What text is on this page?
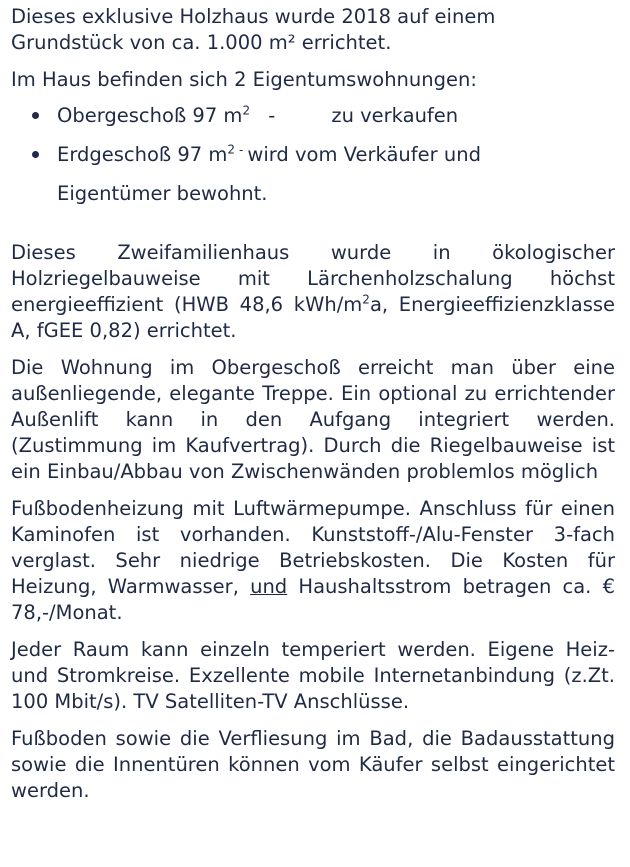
Dieses exklusive Holzhaus wurde 2018 auf einem
Grundstück von ca. 1.000 m² errichtet.

Im Haus befinden sich 2 Eigentumswohnungen:

Obergeschoß 97 $m^2$ -	zu verkaufen
Erdgeschoß 97 $m^2$ - wird vom Verkäufer und
Eigentümer bewohnt.

Dieses Zweifamilienhaus wurde in ökologischer Holzriegelbauweise mit Lärchenholzschalung höchst energieeffizient (HWB 48,6 kWh/$m^2a$, Energieeffizienzklasse A, fGEE 0,82) errichtet.

Die Wohnung im Obergeschoß erreicht man über eine außenliegende, elegante Treppe. Ein optional zu errichtender Außenlift kann in den Aufgang integriert werden. (Zustimmung im Kaufvertrag). Durch die Riegelbauweise ist ein Einbau/Abbau von Zwischenwänden problemlos möglich

Fußbodenheizung mit Luftwärmepumpe. Anschluss für einen Kaminofen ist vorhanden. Kunststoff-/Alu-Fenster 3-fach verglast. Sehr niedrige Betriebskosten. Die Kosten für Heizung, Warmwasser, und Haushaltsstrom betragen ca. € 78,-/Monat.

Jeder Raum kann einzeln temperiert werden. Eigene Heiz- und Stromkreise. Exzellente mobile Internetanbindung (z.Zt. 100 Mbit/s). TV Satelliten-TV Anschlüsse.

Fußboden sowie die Verfliesung im Bad, die Badausstattung sowie die Innentüren können vom Käufer selbst eingerichtet werden.
